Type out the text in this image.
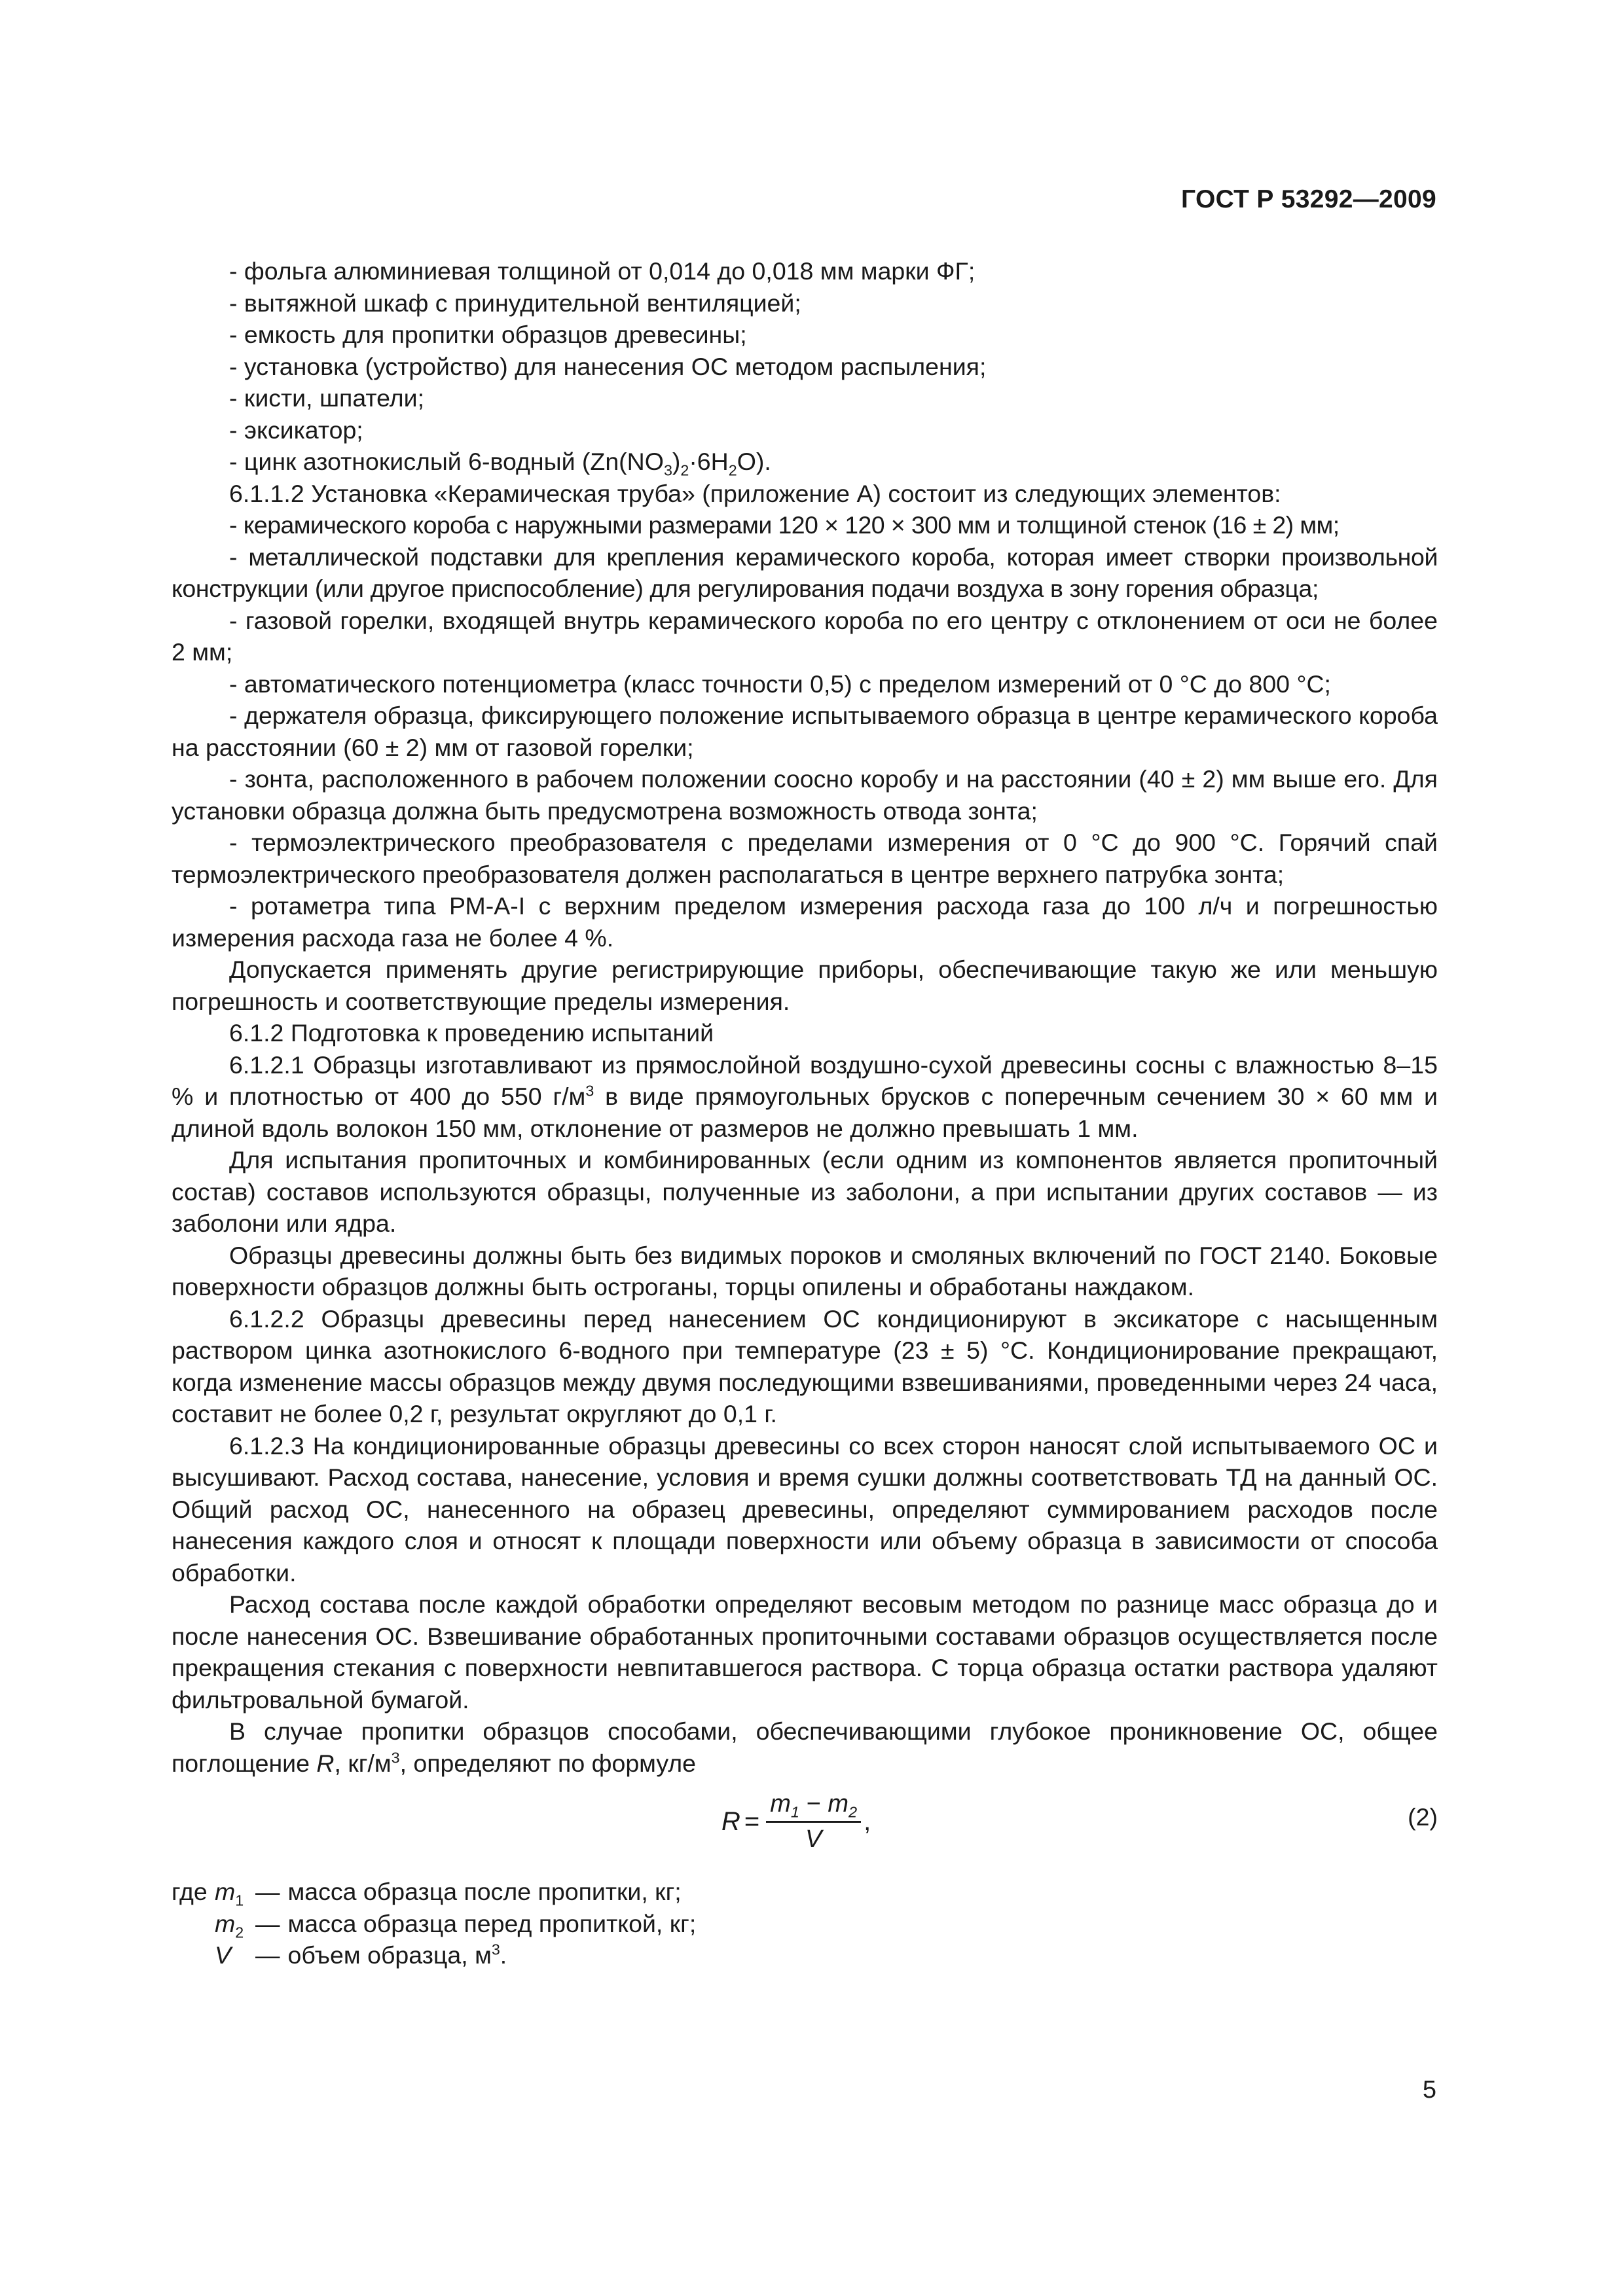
ГОСТ Р 53292—2009

- фольга алюминиевая толщиной от 0,014 до 0,018 мм марки ФГ;

- вытяжной шкаф с принудительной вентиляцией;

- емкость для пропитки образцов древесины;

- установка (устройство) для нанесения ОС методом распыления;

- кисти, шпатели;

- эксикатор;

- цинк азотнокислый 6-водный $(Zn(NO_3)_2\cdot 6H_2O)$.

6.1.1.2 Установка «Керамическая труба» (приложение А) состоит из следующих элементов:

- керамического короба с наружными размерами 120 × 120 × 300 мм и толщиной стенок (16 ± 2) мм;

- металлической подставки для крепления керамического короба, которая имеет створки произвольной конструкции (или другое приспособление) для регулирования подачи воздуха в зону горения образца;

- газовой горелки, входящей внутрь керамического короба по его центру с отклонением от оси не более 2 мм;

- автоматического потенциометра (класс точности 0,5) с пределом измерений от 0 °С до 800 °С;

- держателя образца, фиксирующего положение испытываемого образца в центре керамического короба на расстоянии (60 ± 2) мм от газовой горелки;

- зонта, расположенного в рабочем положении соосно коробу и на расстоянии (40 ± 2) мм выше его. Для установки образца должна быть предусмотрена возможность отвода зонта;

- термоэлектрического преобразователя с пределами измерения от 0 °С до 900 °С. Горячий спай термоэлектрического преобразователя должен располагаться в центре верхнего патрубка зонта;

- ротаметра типа РМ-А-I с верхним пределом измерения расхода газа до 100 л/ч и погрешностью измерения расхода газа не более 4 %.

Допускается применять другие регистрирующие приборы, обеспечивающие такую же или меньшую погрешность и соответствующие пределы измерения.

6.1.2 Подготовка к проведению испытаний

6.1.2.1 Образцы изготавливают из прямослойной воздушно-сухой древесины сосны с влажностью 8–15 % и плотностью от 400 до 550 $г/м^3$ в виде прямоугольных брусков с поперечным сечением 30 × 60 мм и длиной вдоль волокон 150 мм, отклонение от размеров не должно превышать 1 мм.

Для испытания пропиточных и комбинированных (если одним из компонентов является пропиточный состав) составов используются образцы, полученные из заболони, а при испытании других составов — из заболони или ядра.

Образцы древесины должны быть без видимых пороков и смоляных включений по ГОСТ 2140. Боковые поверхности образцов должны быть остроганы, торцы опилены и обработаны наждаком.

6.1.2.2 Образцы древесины перед нанесением ОС кондиционируют в эксикаторе с насыщенным раствором цинка азотнокислого 6-водного при температуре (23 ± 5) °С. Кондиционирование прекращают, когда изменение массы образцов между двумя последующими взвешиваниями, проведенными через 24 часа, составит не более 0,2 г, результат округляют до 0,1 г.

6.1.2.3 На кондиционированные образцы древесины со всех сторон наносят слой испытываемого ОС и высушивают. Расход состава, нанесение, условия и время сушки должны соответствовать ТД на данный ОС. Общий расход ОС, нанесенного на образец древесины, определяют суммированием расходов после нанесения каждого слоя и относят к площади поверхности или объему образца в зависимости от способа обработки.

Расход состава после каждой обработки определяют весовым методом по разнице масс образца до и после нанесения ОС. Взвешивание обработанных пропиточными составами образцов осуществляется после прекращения стекания с поверхности невпитавшегося раствора. С торца образца остатки раствора удаляют фильтровальной бумагой.

В случае пропитки образцов способами, обеспечивающими глубокое проникновение ОС, общее поглощение R, $кг/м^3$, определяют по формуле

$R = \frac{m_1 - m_2}{V}$ ,	(2)
где $m_1$ — масса образца после пропитки, кг;
$m_2$ — масса образца перед пропиткой, кг;
V — объем образца, $м^3$.
5
